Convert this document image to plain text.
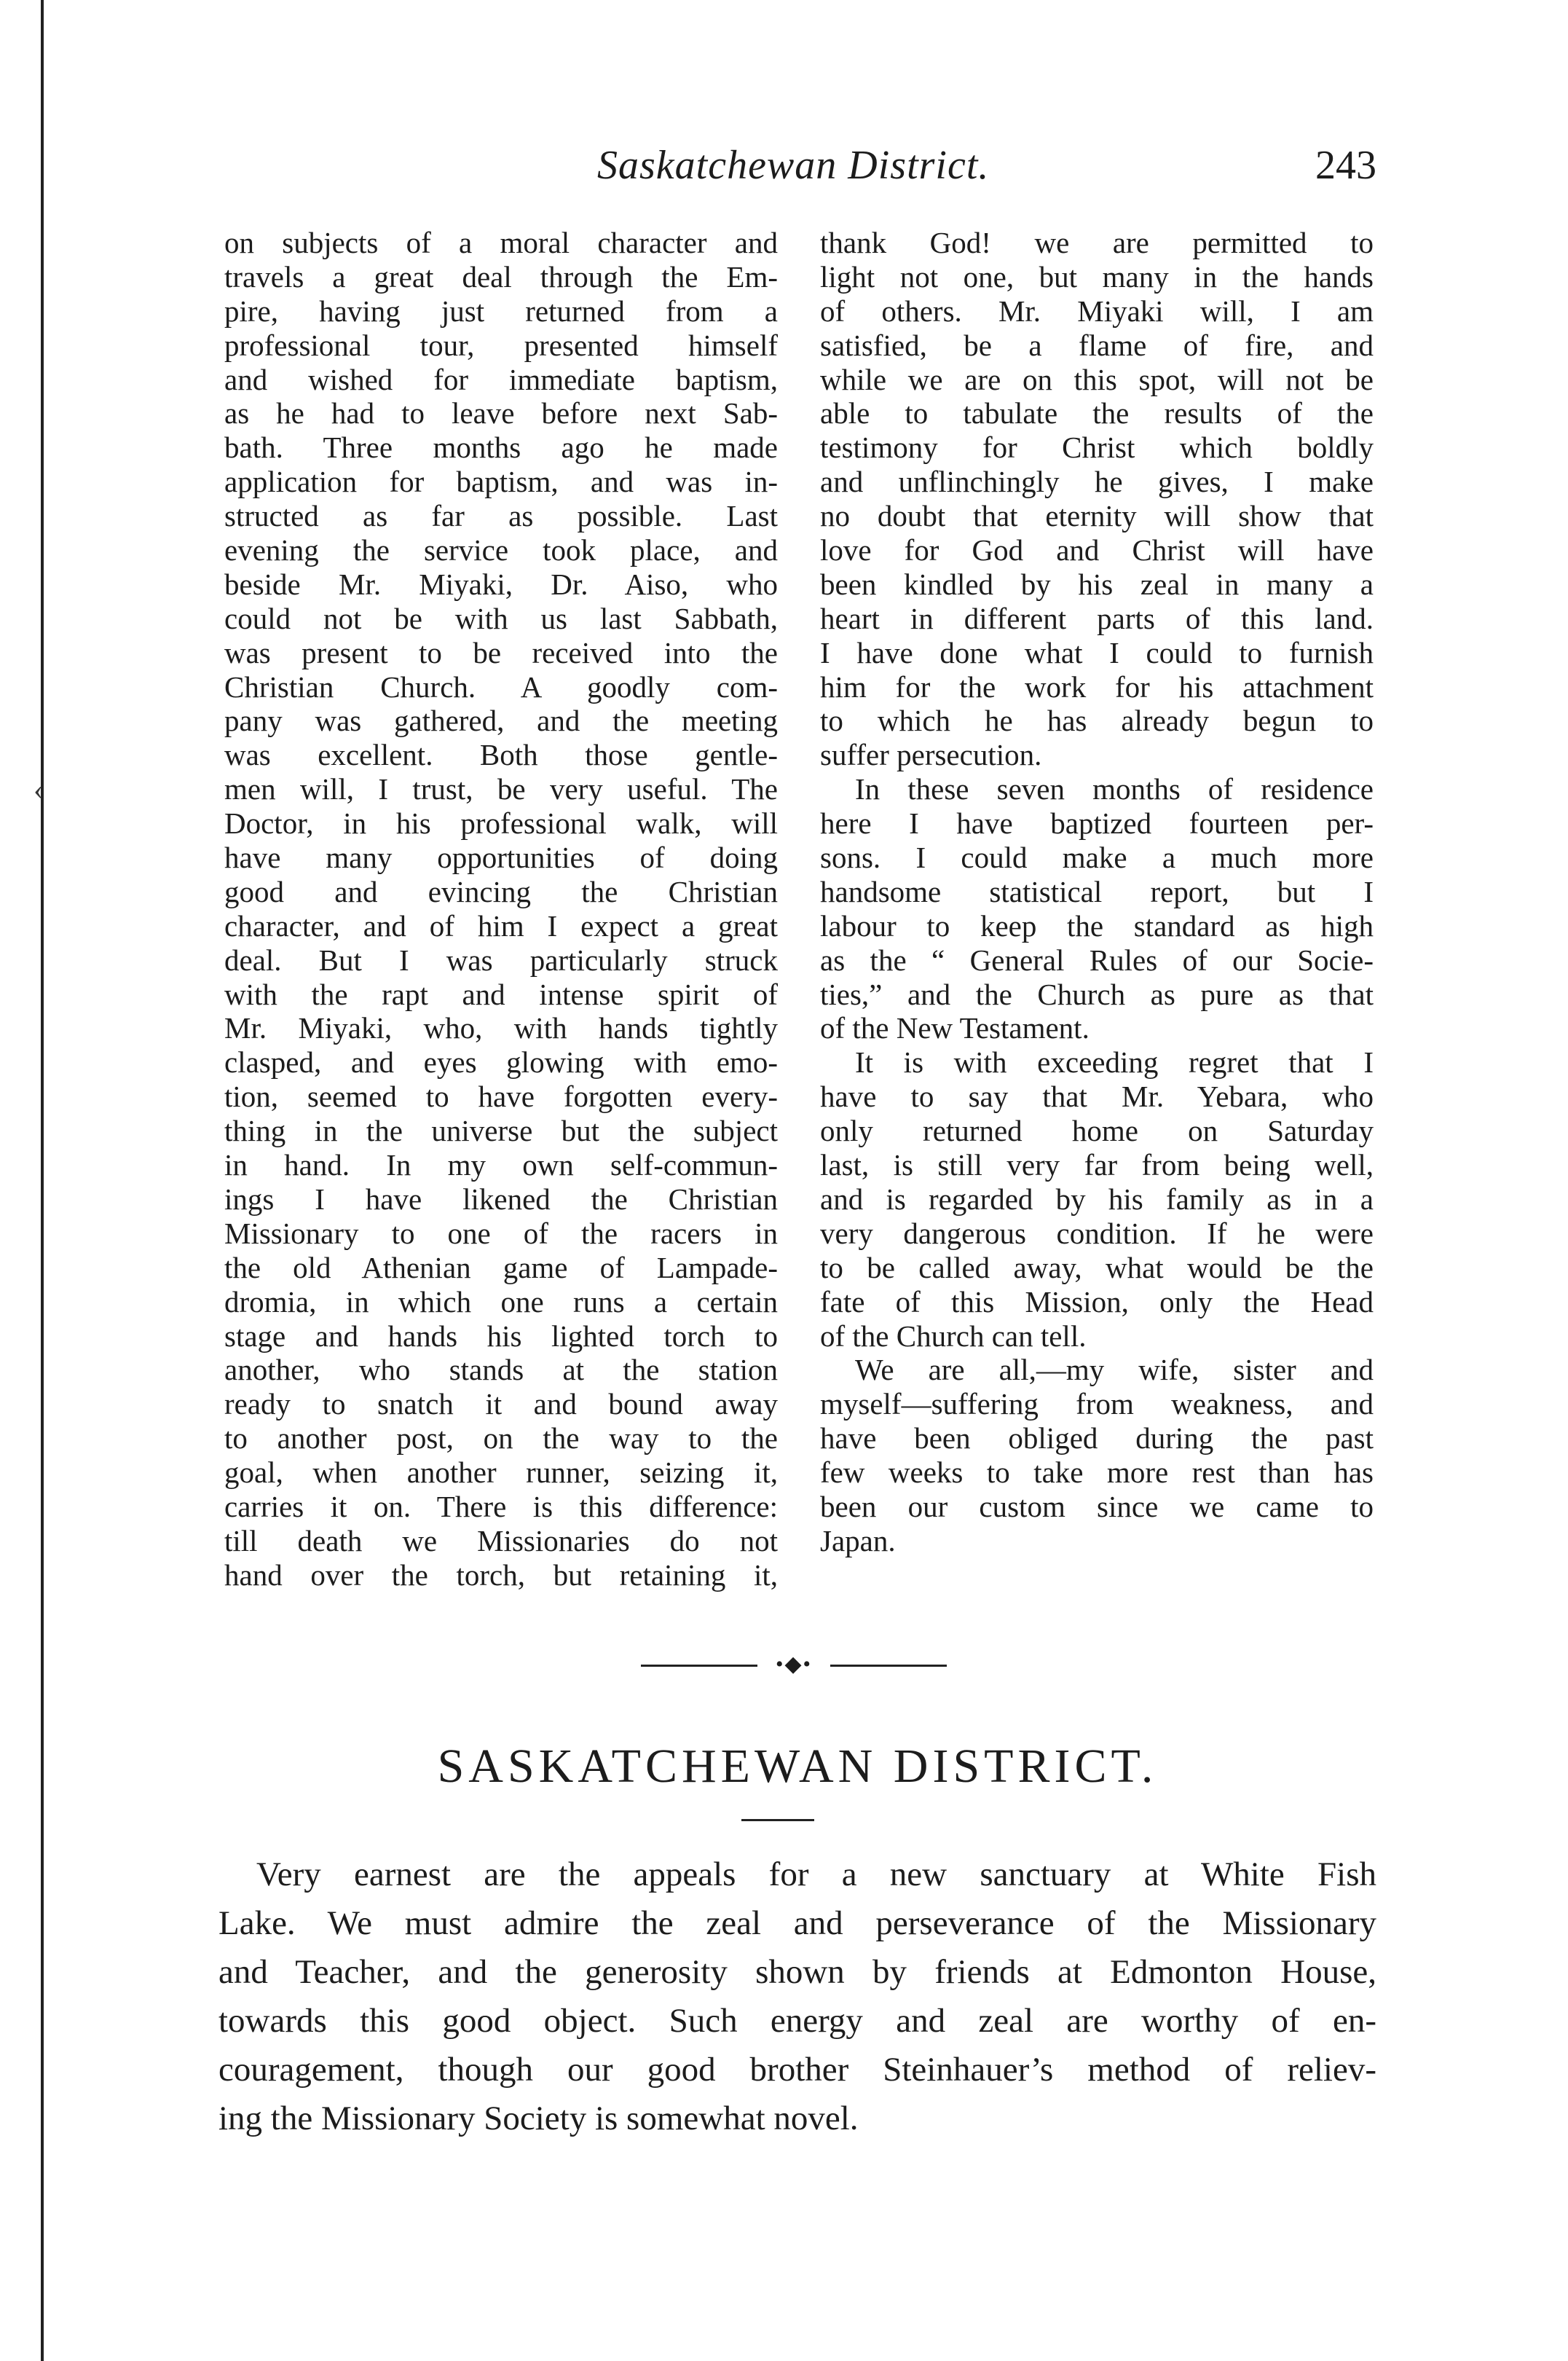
‹
Saskatchewan District.	243
on subjects of a moral character and
travels a great deal through the Em-
pire, having just returned from a
professional tour, presented himself
and wished for immediate baptism,
as he had to leave before next Sab-
bath. Three months ago he made
application for baptism, and was in-
structed as far as possible. Last
evening the service took place, and
beside Mr. Miyaki, Dr. Aiso, who
could not be with us last Sabbath,
was present to be received into the
Christian Church. A goodly com-
pany was gathered, and the meeting
was excellent. Both those gentle-
men will, I trust, be very useful. The
Doctor, in his professional walk, will
have many opportunities of doing
good and evincing the Christian
character, and of him I expect a great
deal. But I was particularly struck
with the rapt and intense spirit of
Mr. Miyaki, who, with hands tightly
clasped, and eyes glowing with emo-
tion, seemed to have forgotten every-
thing in the universe but the subject
in hand. In my own self-commun-
ings I have likened the Christian
Missionary to one of the racers in
the old Athenian game of Lampade-
dromia, in which one runs a certain
stage and hands his lighted torch to
another, who stands at the station
ready to snatch it and bound away
to another post, on the way to the
goal, when another runner, seizing it,
carries it on. There is this difference:
till death we Missionaries do not
hand over the torch, but retaining it,
thank God! we are permitted to
light not one, but many in the hands
of others. Mr. Miyaki will, I am
satisfied, be a flame of fire, and
while we are on this spot, will not be
able to tabulate the results of the
testimony for Christ which boldly
and unflinchingly he gives, I make
no doubt that eternity will show that
love for God and Christ will have
been kindled by his zeal in many a
heart in different parts of this land.
I have done what I could to furnish
him for the work for his attachment
to which he has already begun to
suffer persecution.
In these seven months of residence
here I have baptized fourteen per-
sons. I could make a much more
handsome statistical report, but I
labour to keep the standard as high
as the “ General Rules of our Socie-
ties,” and the Church as pure as that
of the New Testament.
It is with exceeding regret that I
have to say that Mr. Yebara, who
only returned home on Saturday
last, is still very far from being well,
and is regarded by his family as in a
very dangerous condition. If he were
to be called away, what would be the
fate of this Mission, only the Head
of the Church can tell.
We are all,—my wife, sister and
myself—suffering from weakness, and
have been obliged during the past
few weeks to take more rest than has
been our custom since we came to
Japan.
•◆•
SASKATCHEWAN DISTRICT.
Very earnest are the appeals for a new sanctuary at White Fish
Lake. We must admire the zeal and perseverance of the Missionary
and Teacher, and the generosity shown by friends at Edmonton House,
towards this good object. Such energy and zeal are worthy of en-
couragement, though our good brother Steinhauer’s method of reliev-
ing the Missionary Society is somewhat novel.
